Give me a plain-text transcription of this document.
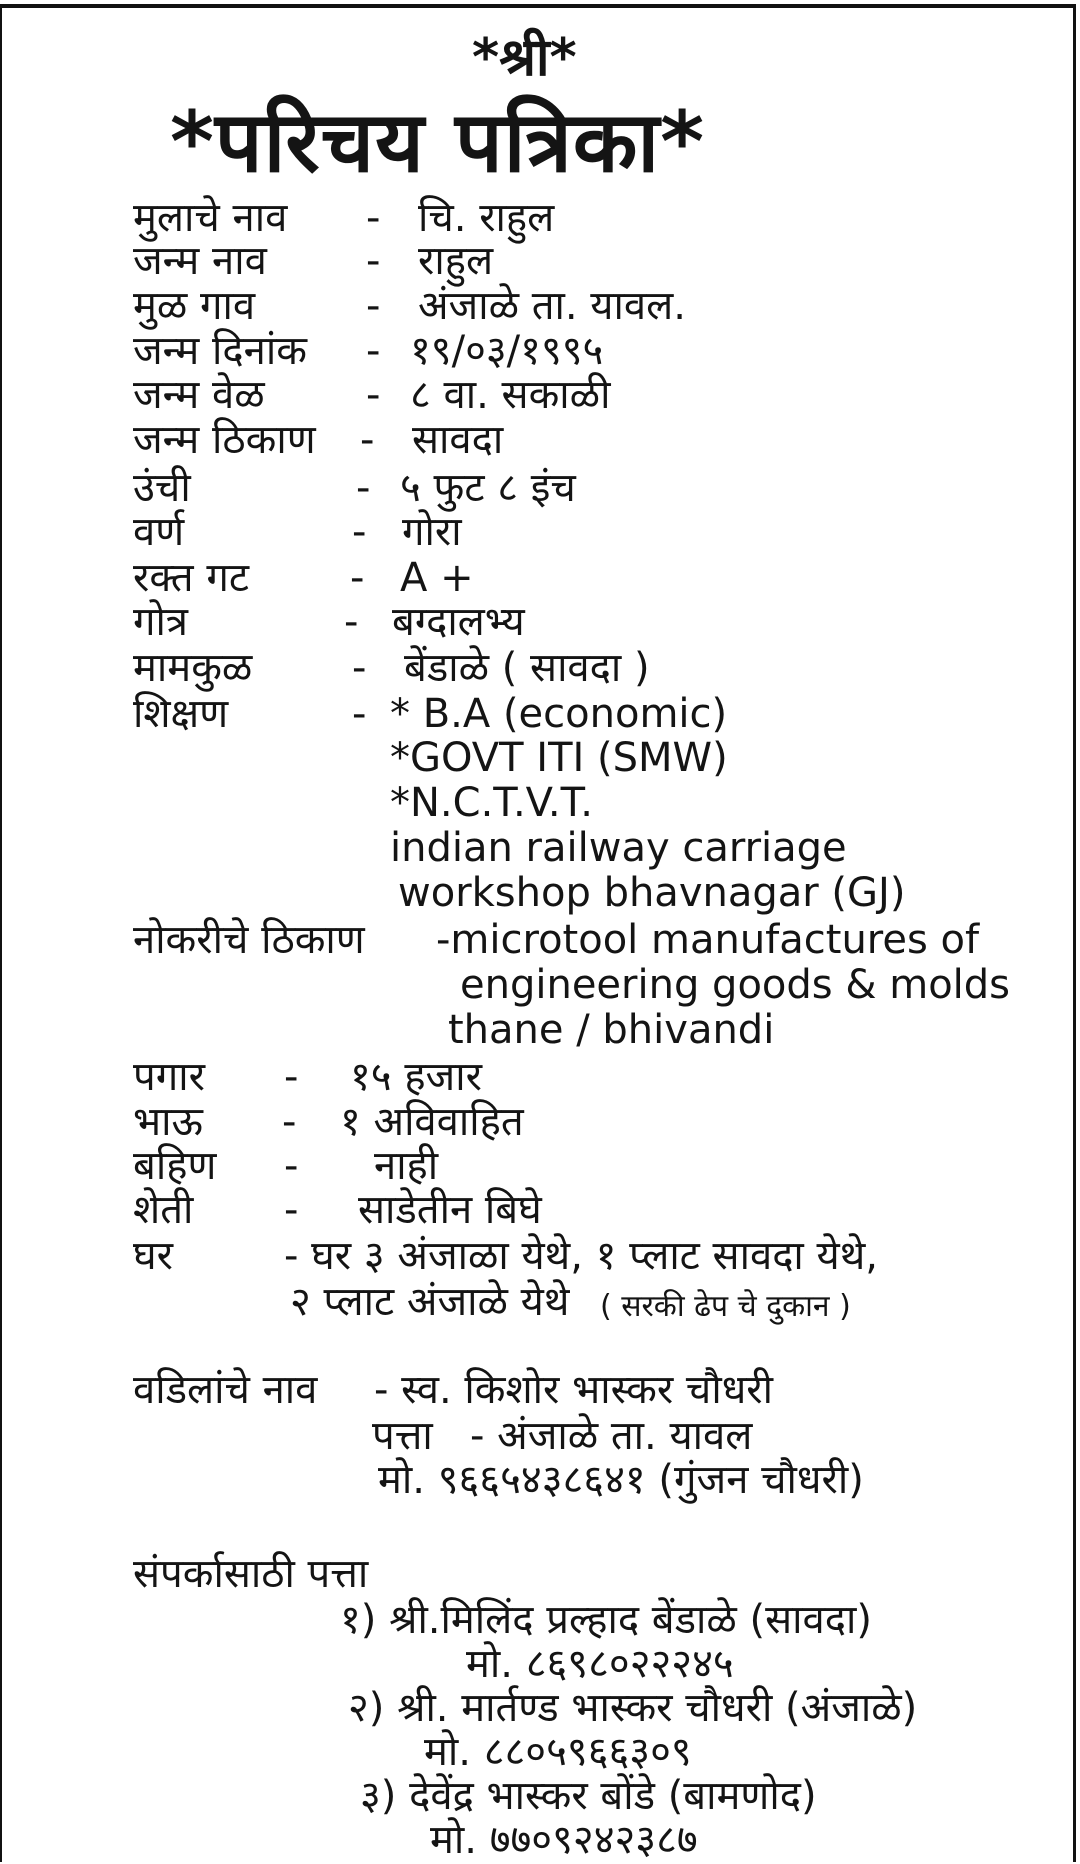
*श्री*
*परिचय पत्रिका*
मुलाचे नाव - चि. राहुल
जन्म नाव - राहुल
मुळ गाव	- अंजाळे ता. यावल.
जन्म दिनांक - १९/०३/१९९५
जन्म वेळ	- ८ वा. सकाळी
जन्म ठिकाण - सावदा
उंची	- ५ फुट ८ इंच
वर्ण	- गोरा
रक्त गट	- A +
गोत्र	- बग्दालभ्य
मामकुळ - बेंडाळे ( सावदा )
शिक्षण	- * B.A (economic)
*GOVT ITI (SMW)
*N.C.T.V.T.
indian railway carriage
workshop bhavnagar (GJ)
नोकरीचे ठिकाण -microtool manufactures of
engineering goods & molds
thane / bhivandi
पगार - १५ हजार
भाऊ - १ अविवाहित
बहिण - नाही
शेती - साडेतीन बिघे
घर	- घर ३ अंजाळा येथे, १ प्लाट सावदा येथे,
२ प्लाट अंजाळे येथे ( सरकी ढेप चे दुकान )
वडिलांचे नाव - स्व. किशोर भास्कर चौधरी
पत्ता - अंजाळे ता. यावल
मो. ९६६५४३८६४१ (गुंजन चौधरी)
संपर्कासाठी पत्ता
१) श्री.मिलिंद प्रल्हाद बेंडाळे (सावदा)
मो. ८६९८०२२२४५
२) श्री. मार्तण्ड भास्कर चौधरी (अंजाळे)
मो. ८८०५९६६३०९
३) देवेंद्र भास्कर बोंडे (बामणोद)
मो. ७७०९२४२३८७
